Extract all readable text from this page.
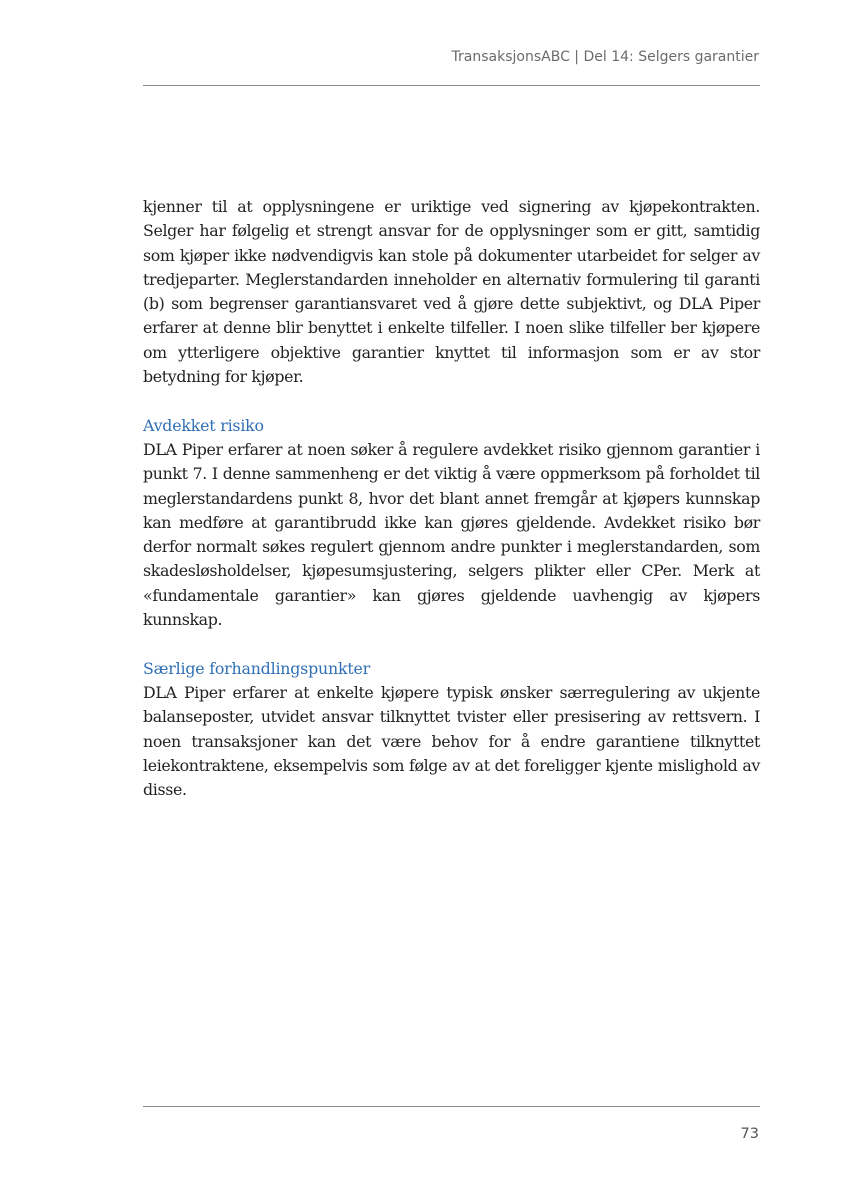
TransaksjonsABC | Del 14: Selgers garantier

kjenner til at opplysningene er uriktige ved signering av kjøpekontrakten. Selger har følgelig et strengt ansvar for de opplysninger som er gitt, samtidig som kjøper ikke nødvendigvis kan stole på dokumenter utarbeidet for selger av tredjeparter. Meglerstandarden inneholder en alternativ formulering til garanti (b) som begrenser garantiansvaret ved å gjøre dette subjektivt, og DLA Piper erfarer at denne blir benyttet i enkelte tilfeller. I noen slike tilfeller ber kjøpere om ytterligere objektive garantier knyttet til informasjon som er av stor betydning for kjøper.

Avdekket risiko

DLA Piper erfarer at noen søker å regulere avdekket risiko gjennom garantier i punkt 7. I denne sammenheng er det viktig å være oppmerksom på forholdet til meglerstandardens punkt 8, hvor det blant annet fremgår at kjøpers kunnskap kan medføre at garantibrudd ikke kan gjøres gjeldende. Avdekket risiko bør derfor normalt søkes regulert gjennom andre punkter i meglerstandarden, som skadesløsholdelser, kjøpesumsjustering, selgers plikter eller CPer. Merk at «fundamentale garantier» kan gjøres gjeldende uavhengig av kjøpers kunnskap.

Særlige forhandlingspunkter

DLA Piper erfarer at enkelte kjøpere typisk ønsker særregulering av ukjente balanseposter, utvidet ansvar tilknyttet tvister eller presisering av rettsvern. I noen transaksjoner kan det være behov for å endre garantiene tilknyttet leiekontraktene, eksempelvis som følge av at det foreligger kjente mislighold av disse.

73
